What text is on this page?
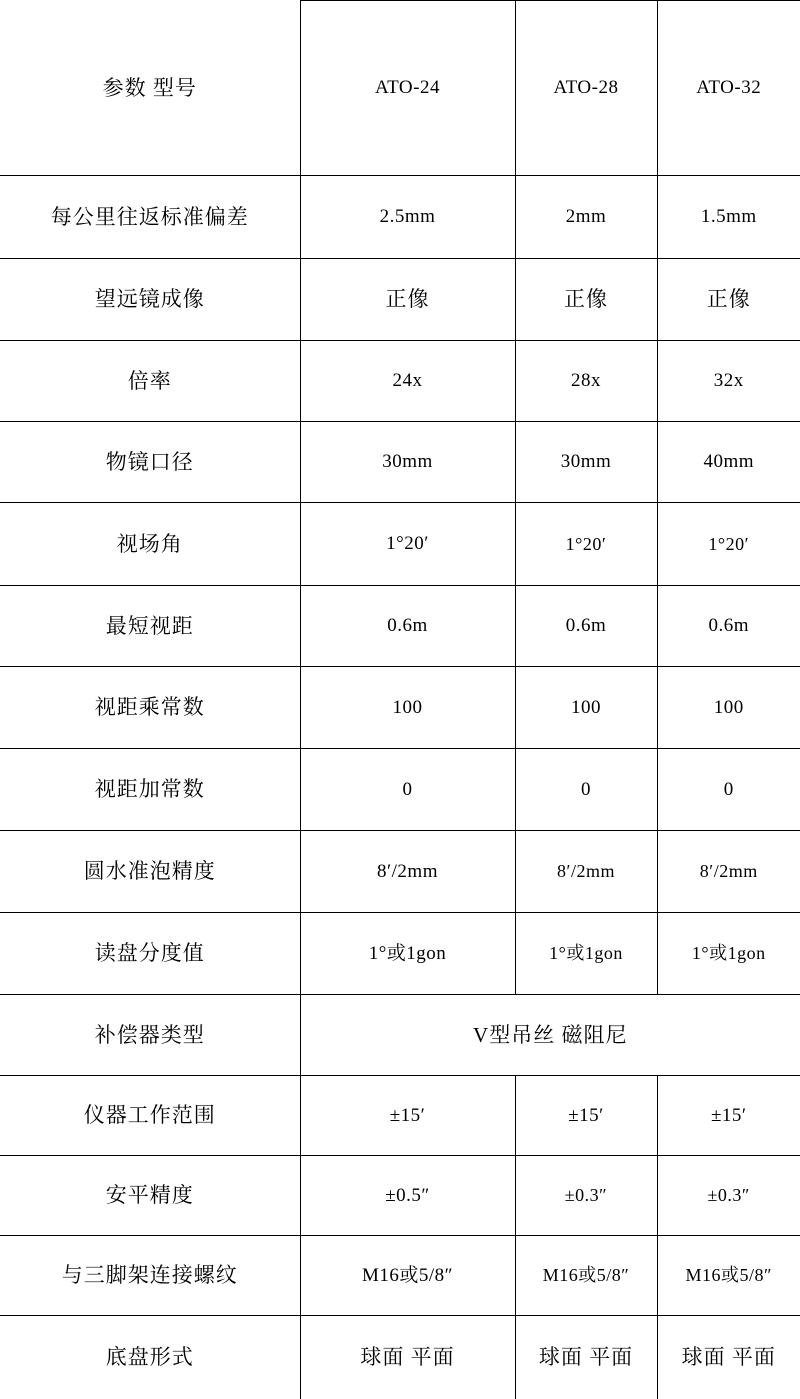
参数 型号	ATO-24	ATO-28	ATO-32
每公里往返标准偏差	2.5mm	2mm	1.5mm
望远镜成像	正像	正像	正像
倍率	24x	28x	32x
物镜口径	30mm	30mm	40mm
视场角	1°20′	1°20′	1°20′
最短视距	0.6m	0.6m	0.6m
视距乘常数	100	100	100
视距加常数	0	0	0
圆水准泡精度	8′/2mm	8′/2mm	8′/2mm
读盘分度值	1°或1gon	1°或1gon	1°或1gon
补偿器类型	V型吊丝 磁阻尼		
仪器工作范围	±15′	±15′	±15′
安平精度	±0.5″	±0.3″	±0.3″
与三脚架连接螺纹	M16或5/8″	M16或5/8″	M16或5/8″
底盘形式	球面 平面	球面 平面	球面 平面
